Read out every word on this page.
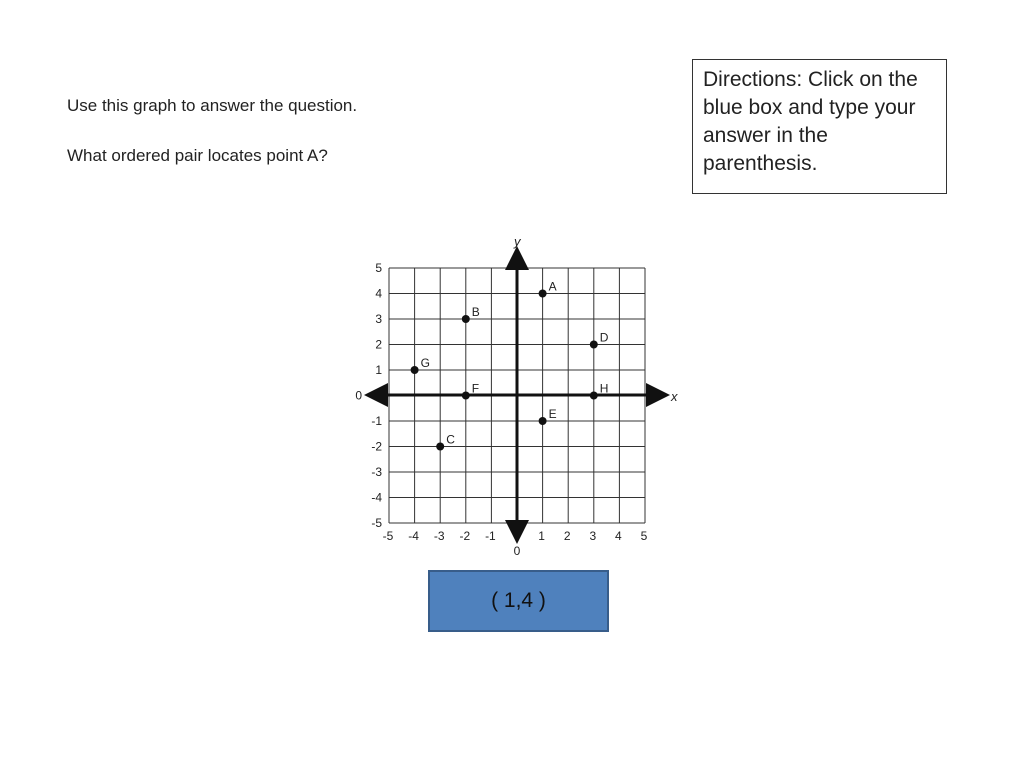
Use this graph to answer the question.
What ordered pair locates point A?
Directions: Click on the blue box and type your answer in the parenthesis.
x
y
-5 -4 -3 -2 -1
0
1 2 3 4 5
5
4
3
2
1
0
-1
-2
-3
-4
-5
A
B
C
D
E
F
G
H
( 1,4 )
